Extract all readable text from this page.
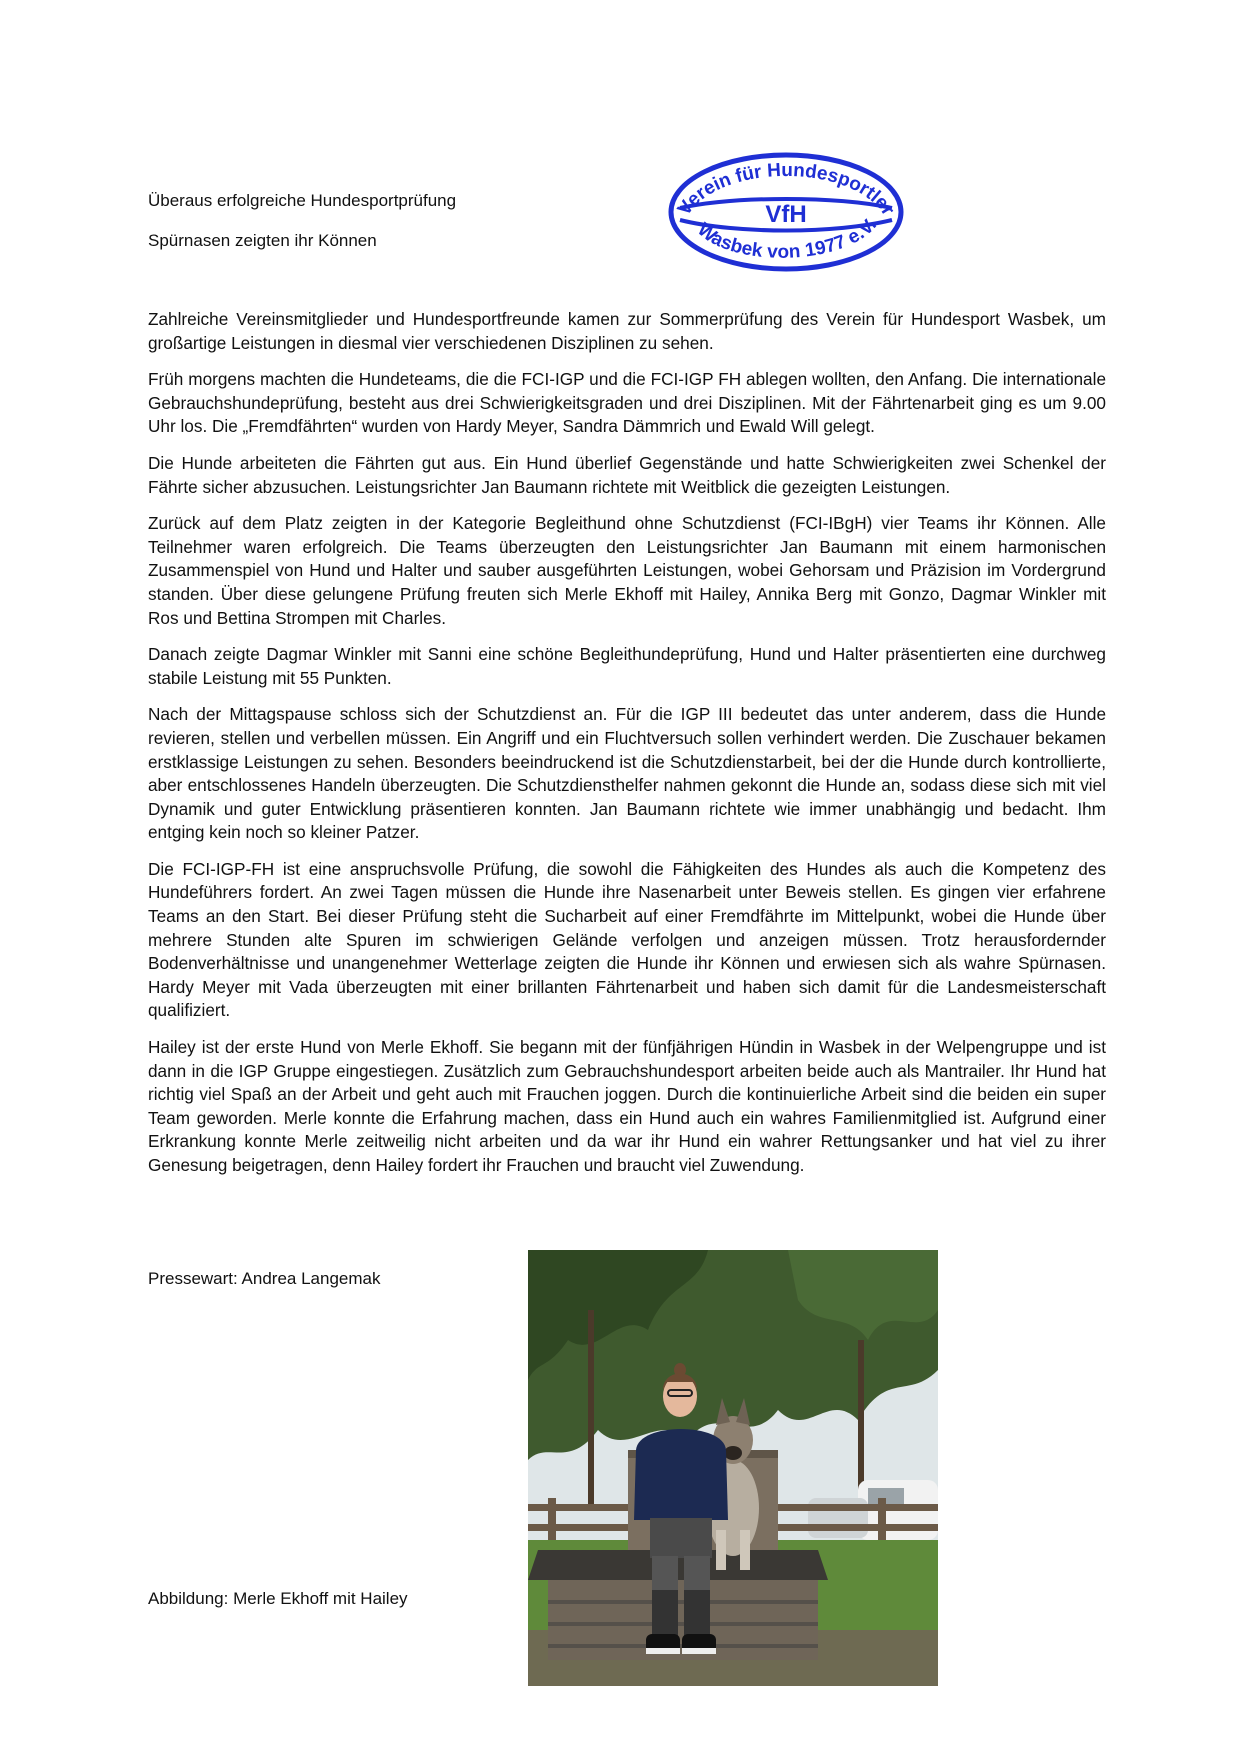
Überaus erfolgreiche Hundesportprüfung
Spürnasen zeigten ihr Können
Verein für Hundesportler
VfH
Wasbek von 1977 e.V.

Zahlreiche Vereinsmitglieder und Hundesportfreunde kamen zur Sommerprüfung des Verein für Hundesport Wasbek, um großartige Leistungen in diesmal vier verschiedenen Disziplinen zu sehen.

Früh morgens machten die Hundeteams, die die FCI-IGP und die FCI-IGP FH ablegen wollten, den Anfang. Die internationale Gebrauchshundeprüfung, besteht aus drei Schwierigkeitsgraden und drei Disziplinen. Mit der Fährtenarbeit ging es um 9.00 Uhr los. Die „Fremdfährten“ wurden von Hardy Meyer, Sandra Dämmrich und Ewald Will gelegt.

Die Hunde arbeiteten die Fährten gut aus. Ein Hund überlief Gegenstände und hatte Schwierigkeiten zwei Schenkel der Fährte sicher abzusuchen. Leistungsrichter Jan Baumann richtete mit Weitblick die gezeigten Leistungen.

Zurück auf dem Platz zeigten in der Kategorie Begleithund ohne Schutzdienst (FCI-IBgH) vier Teams ihr Können. Alle Teilnehmer waren erfolgreich. Die Teams überzeugten den Leistungsrichter Jan Baumann mit einem harmonischen Zusammenspiel von Hund und Halter und sauber ausgeführten Leistungen, wobei Gehorsam und Präzision im Vordergrund standen. Über diese gelungene Prüfung freuten sich Merle Ekhoff mit Hailey, Annika Berg mit Gonzo, Dagmar Winkler mit Ros und Bettina Strompen mit Charles.

Danach zeigte Dagmar Winkler mit Sanni eine schöne Begleithundeprüfung, Hund und Halter präsentierten eine durchweg stabile Leistung mit 55 Punkten.

Nach der Mittagspause schloss sich der Schutzdienst an. Für die IGP III bedeutet das unter anderem, dass die Hunde revieren, stellen und verbellen müssen. Ein Angriff und ein Fluchtversuch sollen verhindert werden. Die Zuschauer bekamen erstklassige Leistungen zu sehen. Besonders beeindruckend ist die Schutzdienstarbeit, bei der die Hunde durch kontrollierte, aber entschlossenes Handeln überzeugten. Die Schutzdiensthelfer nahmen gekonnt die Hunde an, sodass diese sich mit viel Dynamik und guter Entwicklung präsentieren konnten. Jan Baumann richtete wie immer unabhängig und bedacht. Ihm entging kein noch so kleiner Patzer.

Die FCI-IGP-FH ist eine anspruchsvolle Prüfung, die sowohl die Fähigkeiten des Hundes als auch die Kompetenz des Hundeführers fordert. An zwei Tagen müssen die Hunde ihre Nasenarbeit unter Beweis stellen. Es gingen vier erfahrene Teams an den Start. Bei dieser Prüfung steht die Sucharbeit auf einer Fremdfährte im Mittelpunkt, wobei die Hunde über mehrere Stunden alte Spuren im schwierigen Gelände verfolgen und anzeigen müssen. Trotz herausfordernder Bodenverhältnisse und unangenehmer Wetterlage zeigten die Hunde ihr Können und erwiesen sich als wahre Spürnasen. Hardy Meyer mit Vada überzeugten mit einer brillanten Fährtenarbeit und haben sich damit für die Landesmeisterschaft qualifiziert.

Hailey ist der erste Hund von Merle Ekhoff. Sie begann mit der fünfjährigen Hündin in Wasbek in der Welpengruppe und ist dann in die IGP Gruppe eingestiegen. Zusätzlich zum Gebrauchshundesport arbeiten beide auch als Mantrailer. Ihr Hund hat richtig viel Spaß an der Arbeit und geht auch mit Frauchen joggen. Durch die kontinuierliche Arbeit sind die beiden ein super Team geworden. Merle konnte die Erfahrung machen, dass ein Hund auch ein wahres Familienmitglied ist. Aufgrund einer Erkrankung konnte Merle zeitweilig nicht arbeiten und da war ihr Hund ein wahrer Rettungsanker und hat viel zu ihrer Genesung beigetragen, denn Hailey fordert ihr Frauchen und braucht viel Zuwendung.

Pressewart: Andrea Langemak
Abbildung: Merle Ekhoff mit Hailey
